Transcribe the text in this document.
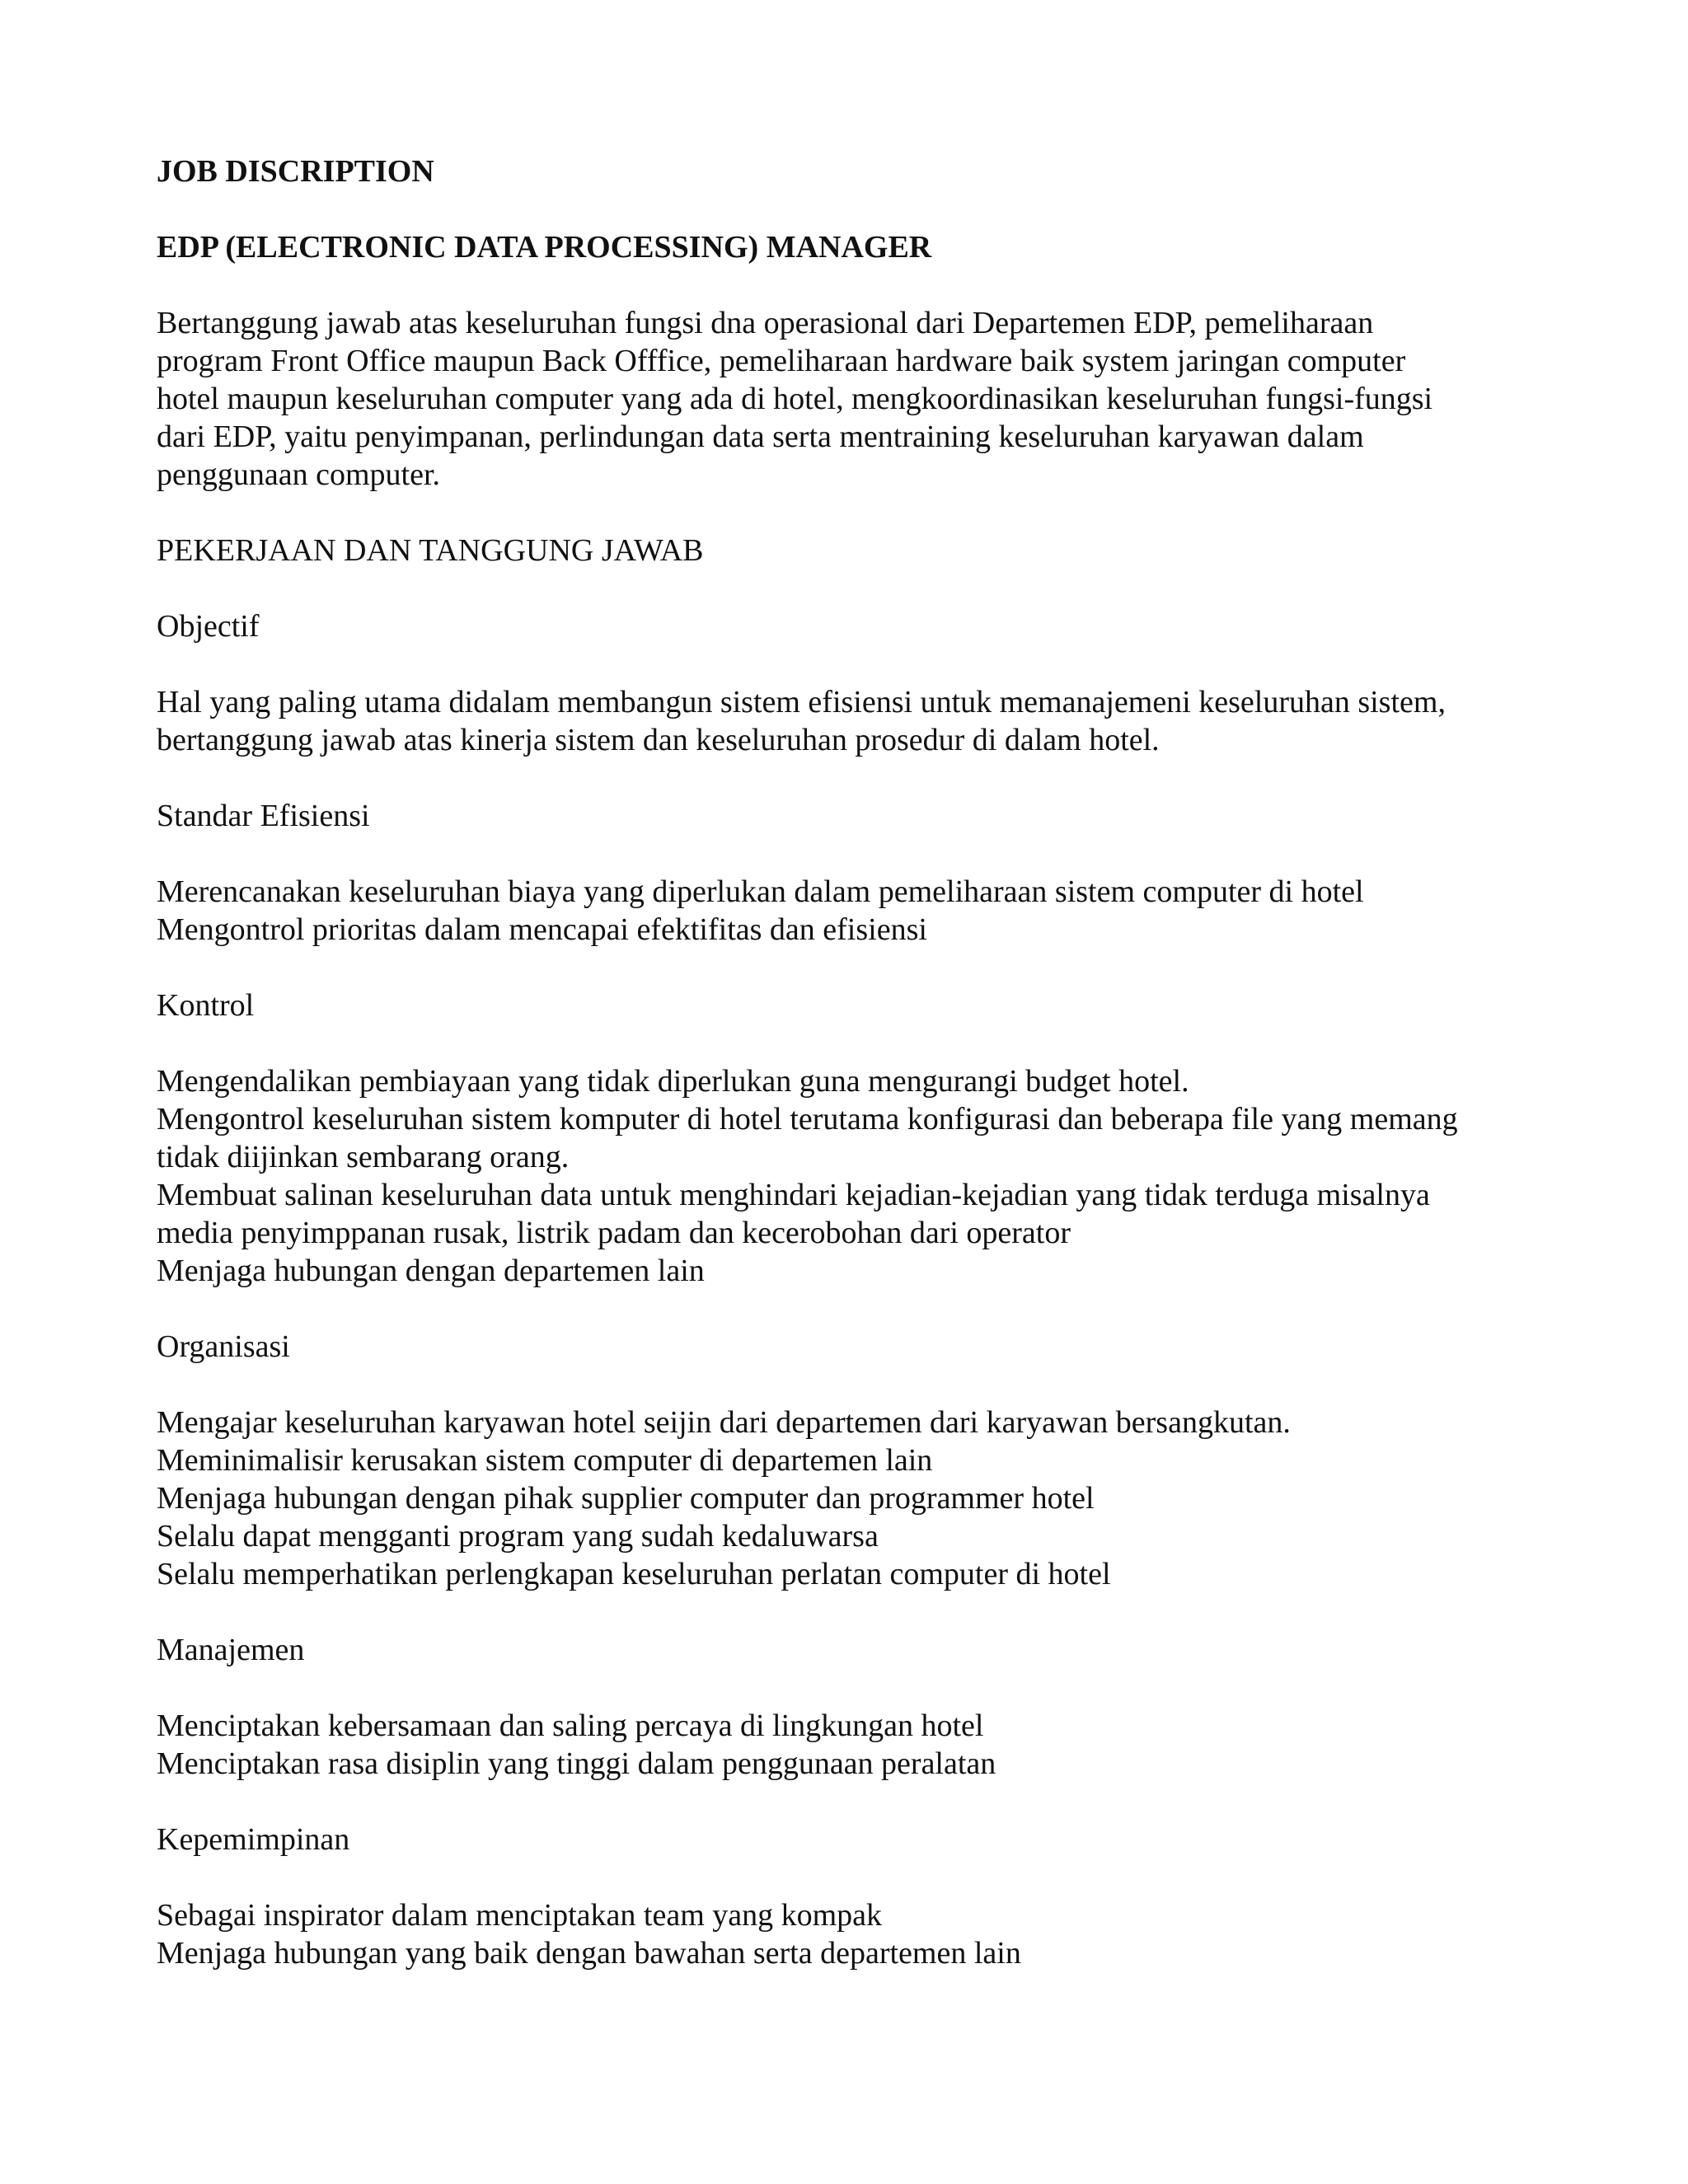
JOB DISCRIPTION
EDP (ELECTRONIC DATA PROCESSING) MANAGER
Bertanggung jawab atas keseluruhan fungsi dna operasional dari Departemen EDP, pemeliharaan
program Front Office maupun Back Offfice, pemeliharaan hardware baik system jaringan computer
hotel maupun keseluruhan computer yang ada di hotel, mengkoordinasikan keseluruhan fungsi-fungsi
dari EDP, yaitu penyimpanan, perlindungan data serta mentraining keseluruhan karyawan dalam
penggunaan computer.
PEKERJAAN DAN TANGGUNG JAWAB
Objectif
Hal yang paling utama didalam membangun sistem efisiensi untuk memanajemeni keseluruhan sistem,
bertanggung jawab atas kinerja sistem dan keseluruhan prosedur di dalam hotel.
Standar Efisiensi
Merencanakan keseluruhan biaya yang diperlukan dalam pemeliharaan sistem computer di hotel
Mengontrol prioritas dalam mencapai efektifitas dan efisiensi
Kontrol
Mengendalikan pembiayaan yang tidak diperlukan guna mengurangi budget hotel.
Mengontrol keseluruhan sistem komputer di hotel terutama konfigurasi dan beberapa file yang memang
tidak diijinkan sembarang orang.
Membuat salinan keseluruhan data untuk menghindari kejadian-kejadian yang tidak terduga misalnya
media penyimppanan rusak, listrik padam dan kecerobohan dari operator
Menjaga hubungan dengan departemen lain
Organisasi
Mengajar keseluruhan karyawan hotel seijin dari departemen dari karyawan bersangkutan.
Meminimalisir kerusakan sistem computer di departemen lain
Menjaga hubungan dengan pihak supplier computer dan programmer hotel
Selalu dapat mengganti program yang sudah kedaluwarsa
Selalu memperhatikan perlengkapan keseluruhan perlatan computer di hotel
Manajemen
Menciptakan kebersamaan dan saling percaya di lingkungan hotel
Menciptakan rasa disiplin yang tinggi dalam penggunaan peralatan
Kepemimpinan
Sebagai inspirator dalam menciptakan team yang kompak
Menjaga hubungan yang baik dengan bawahan serta departemen lain
